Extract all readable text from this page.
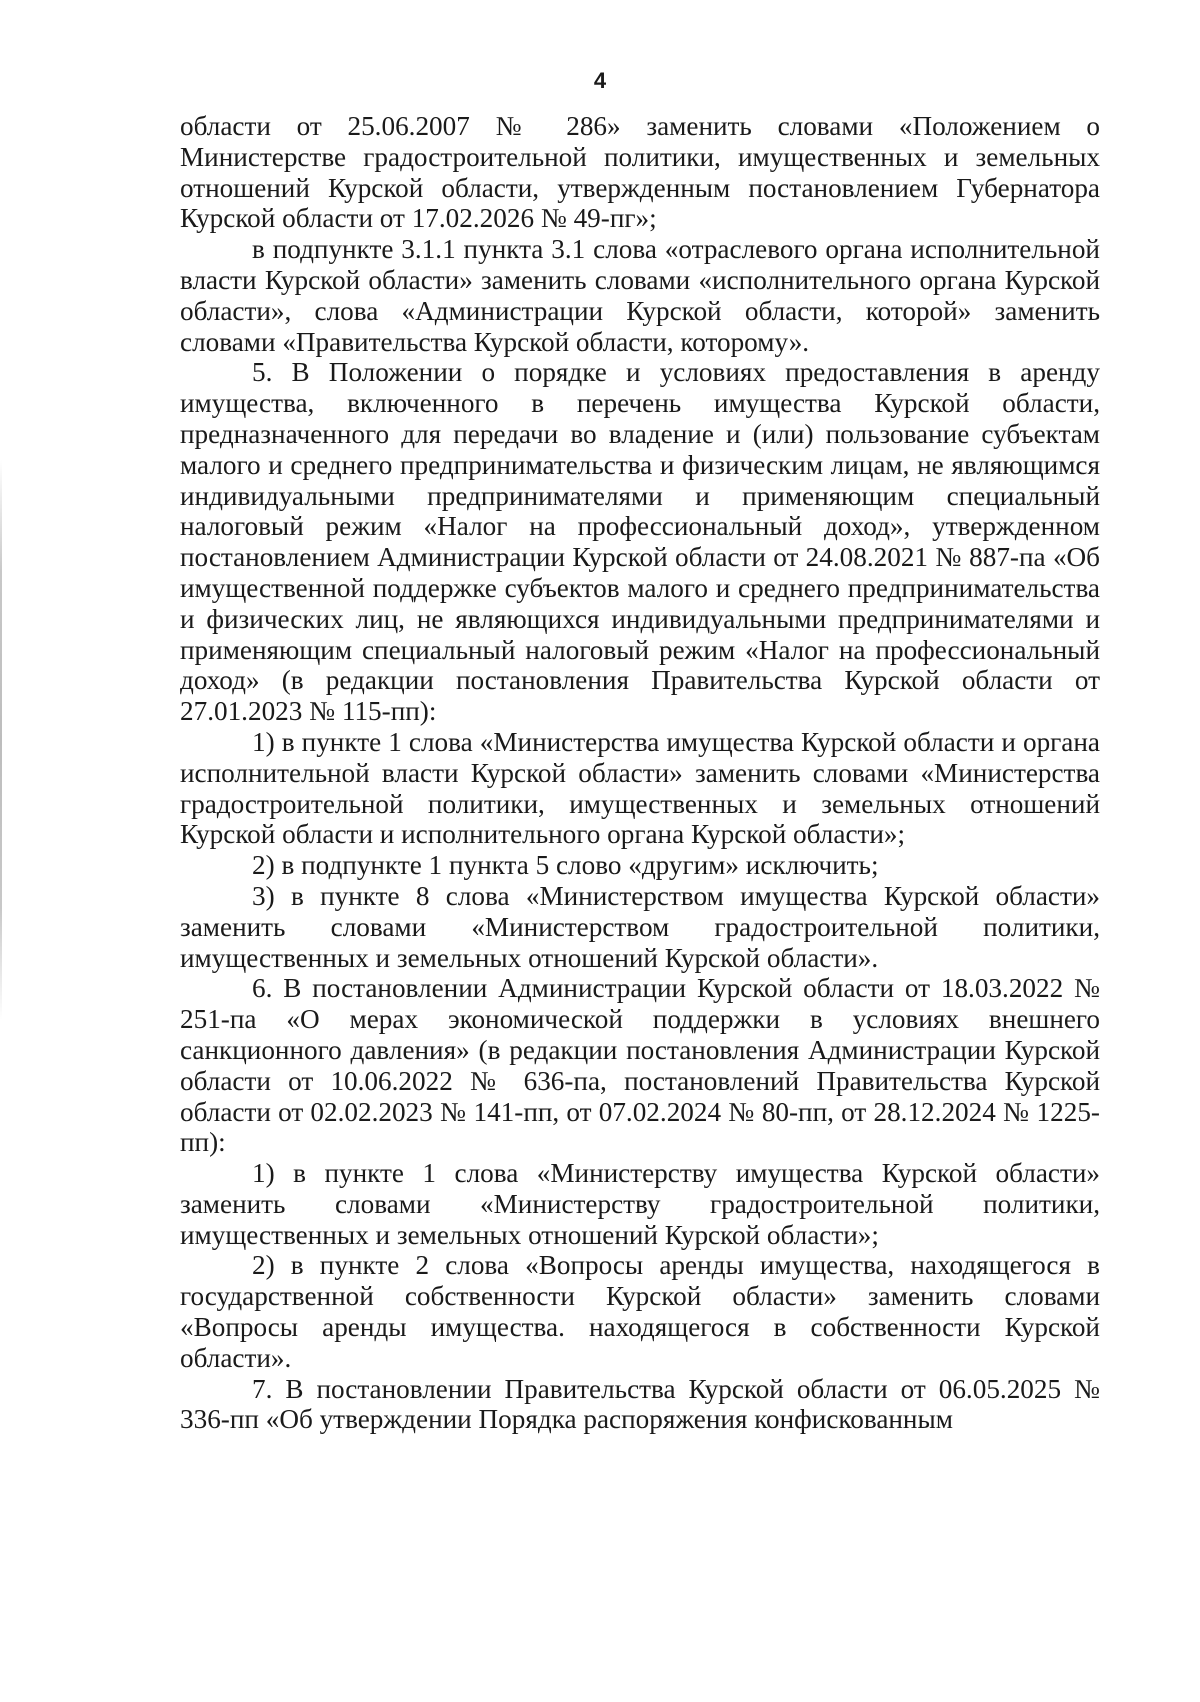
4

области от 25.06.2007 № 286» заменить словами «Положением о Министерстве градостроительной политики, имущественных и земельных отношений Курской области, утвержденным постановлением Губернатора Курской области от 17.02.2026 № 49-пг»;

в подпункте 3.1.1 пункта 3.1 слова «отраслевого органа исполнительной власти Курской области» заменить словами «исполнительного органа Курской области», слова «Администрации Курской области, которой» заменить словами «Правительства Курской области, которому».

5. В Положении о порядке и условиях предоставления в аренду имущества, включенного в перечень имущества Курской области, предназначенного для передачи во владение и (или) пользование субъектам малого и среднего предпринимательства и физическим лицам, не являющимся индивидуальными предпринимателями и применяющим специальный налоговый режим «Налог на профессиональный доход», утвержденном постановлением Администрации Курской области от 24.08.2021 № 887-па «Об имущественной поддержке субъектов малого и среднего предпринимательства и физических лиц, не являющихся индивидуальными предпринимателями и применяющим специальный налоговый режим «Налог на профессиональный доход» (в редакции постановления Правительства Курской области от 27.01.2023 № 115-пп):

1) в пункте 1 слова «Министерства имущества Курской области и органа исполнительной власти Курской области» заменить словами «Министерства градостроительной политики, имущественных и земельных отношений Курской области и исполнительного органа Курской области»;

2) в подпункте 1 пункта 5 слово «другим» исключить;

3) в пункте 8 слова «Министерством имущества Курской области» заменить словами «Министерством градостроительной политики, имущественных и земельных отношений Курской области».

6. В постановлении Администрации Курской области от 18.03.2022 № 251-па «О мерах экономической поддержки в условиях внешнего санкционного давления» (в редакции постановления Администрации Курской области от 10.06.2022 № 636-па, постановлений Правительства Курской области от 02.02.2023 № 141-пп, от 07.02.2024 № 80-пп, от 28.12.2024 № 1225-пп):

1) в пункте 1 слова «Министерству имущества Курской области» заменить словами «Министерству градостроительной политики, имущественных и земельных отношений Курской области»;

2) в пункте 2 слова «Вопросы аренды имущества, находящегося в государственной собственности Курской области» заменить словами «Вопросы аренды имущества. находящегося в собственности Курской области».

7. В постановлении Правительства Курской области от 06.05.2025 № 336-пп «Об утверждении Порядка распоряжения конфискованным
